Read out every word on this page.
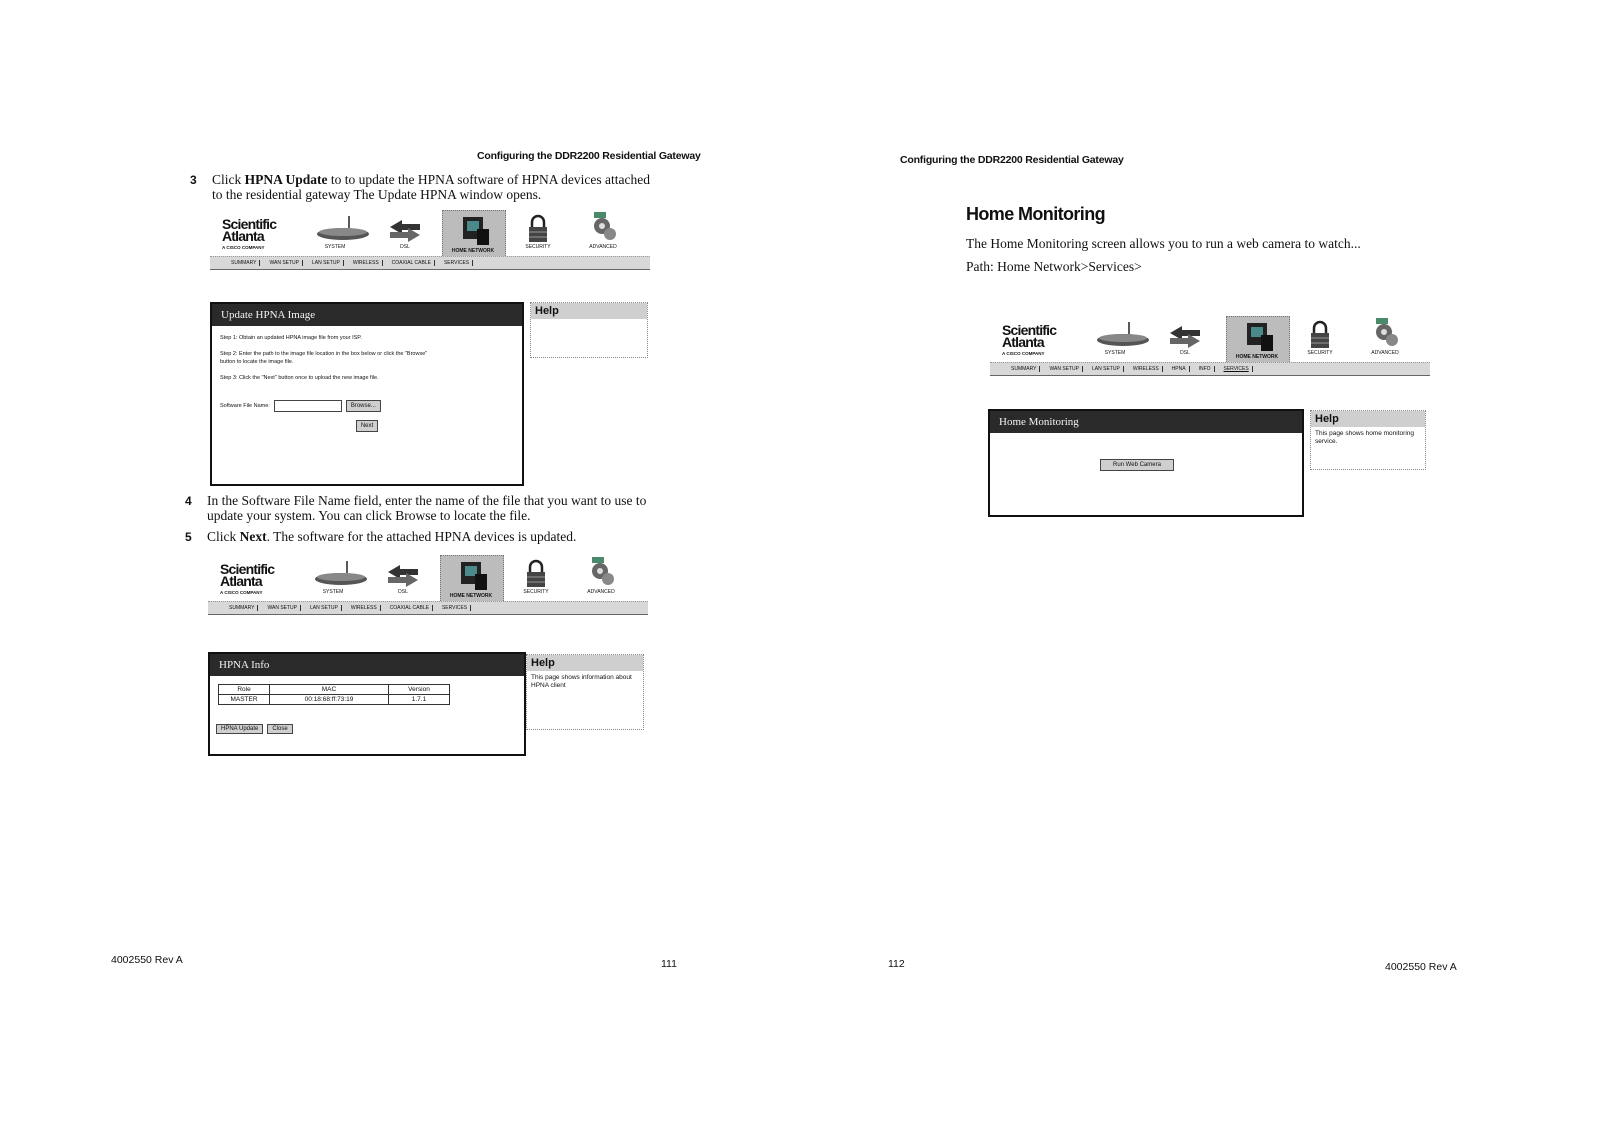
Configuring the DDR2200 Residential Gateway
3 Click HPNA Update to to update the HPNA software of HPNA devices attached
to the residential gateway The Update HPNA window opens.
Scientific
Atlanta
A CISCO COMPANY	SYSTEM	DSL
HOME NETWORK
SECURITY	ADVANCED
SUMMARY	WAN SETUP	LAN SETUP	WIRELESS	COAXIAL CABLE	SERVICES
Update HPNA Image
Step 1: Obtain an updated HPNA image file from your ISP.
Step 2: Enter the path to the image file location in the box below or click the "Browse"
button to locate the image file.
Step 3: Click the "Next" button once to upload the new image file.
Software File Name:	Browse...
Next
Help
4 In the Software File Name field, enter the name of the file that you want to use to
update your system. You can click Browse to locate the file.
5 Click Next. The software for the attached HPNA devices is updated.
Scientific
Atlanta
A CISCO COMPANY	SYSTEM	DSL
HOME NETWORK
SECURITY	ADVANCED
SUMMARY	WAN SETUP	LAN SETUP	WIRELESS	COAXIAL CABLE	SERVICES
HPNA Info
Role	MAC	Version
MASTER	00:18:68:ff:73:19	1.7.1
HPNA Update Close
Help
This page shows information about HPNA client
4002550 Rev A	111
Configuring the DDR2200 Residential Gateway
Home Monitoring
The Home Monitoring screen allows you to run a web camera to watch...
Path: Home Network>Services>
Scientific
Atlanta
A CISCO COMPANY	SYSTEM	DSL
HOME NETWORK
SECURITY	ADVANCED
SUMMARY	WAN SETUP	LAN SETUP	WIRELESS	HPNA	INFO	SERVICES
Home Monitoring
Run Web Camera
Help
This page shows home monitoring service.
112	4002550 Rev A
